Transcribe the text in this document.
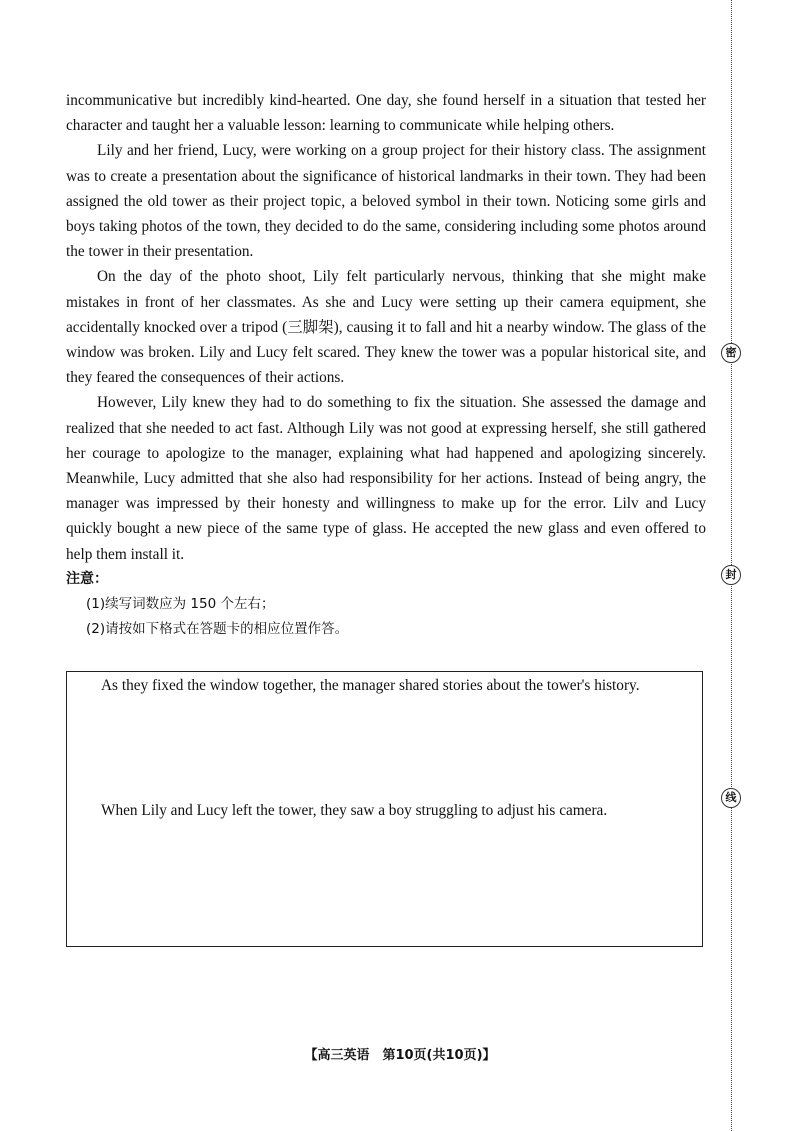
密
封
线

incommunicative but incredibly kind-hearted. One day, she found herself in a situation that tested her character and taught her a valuable lesson: learning to communicate while helping others.

Lily and her friend, Lucy, were working on a group project for their history class. The assignment was to create a presentation about the significance of historical landmarks in their town. They had been assigned the old tower as their project topic, a beloved symbol in their town. Noticing some girls and boys taking photos of the town, they decided to do the same, considering including some photos around the tower in their presentation.

On the day of the photo shoot, Lily felt particularly nervous, thinking that she might make mistakes in front of her classmates. As she and Lucy were setting up their camera equipment, she accidentally knocked over a tripod (三脚架), causing it to fall and hit a nearby window. The glass of the window was broken. Lily and Lucy felt scared. They knew the tower was a popular historical site, and they feared the consequences of their actions.

However, Lily knew they had to do something to fix the situation. She assessed the damage and realized that she needed to act fast. Although Lily was not good at expressing herself, she still gathered her courage to apologize to the manager, explaining what had happened and apologizing sincerely. Meanwhile, Lucy admitted that she also had responsibility for her actions. Instead of being angry, the manager was impressed by their honesty and willingness to make up for the error. Lilv and Lucy quickly bought a new piece of the same type of glass. He accepted the new glass and even offered to help them install it.

注意：

(1)续写词数应为 150 个左右；

(2)请按如下格式在答题卡的相应位置作答。

As they fixed the window together, the manager shared stories about the tower's history.
When Lily and Lucy left the tower, they saw a boy struggling to adjust his camera.
【高三英语　第10页(共10页)】
